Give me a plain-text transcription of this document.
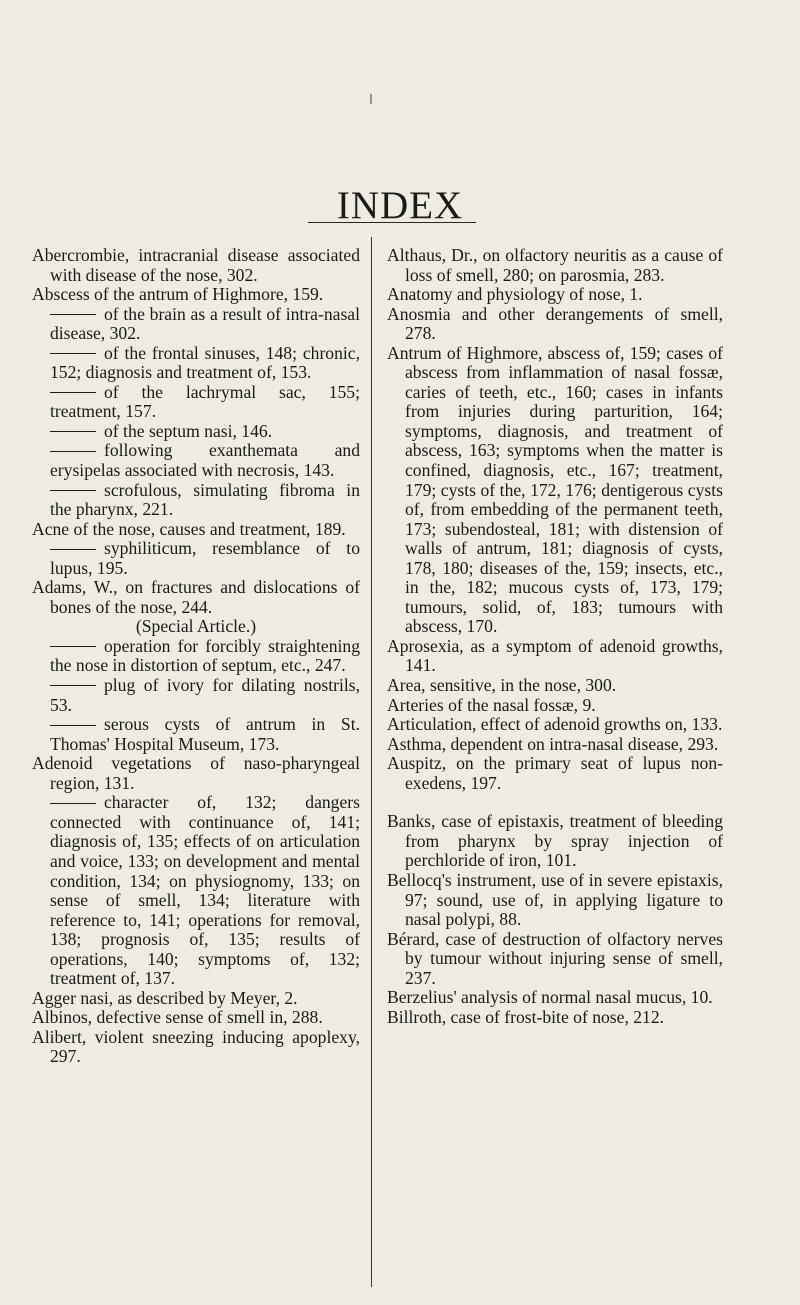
INDEX

Abercrombie, intracranial disease associated with disease of the nose, 302.

Abscess of the antrum of Highmore, 159.

of the brain as a result of intra-nasal disease, 302.

of the frontal sinuses, 148; chronic, 152; diagnosis and treatment of, 153.

of the lachrymal sac, 155; treatment, 157.

of the septum nasi, 146.

following exanthemata and erysipelas associated with necrosis, 143.

scrofulous, simulating fibroma in the pharynx, 221.

Acne of the nose, causes and treatment, 189.

syphiliticum, resemblance of to lupus, 195.

Adams, W., on fractures and dislocations of bones of the nose, 244.

(Special Article.)

operation for forcibly straightening the nose in distortion of septum, etc., 247.

plug of ivory for dilating nostrils, 53.

serous cysts of antrum in St. Thomas' Hospital Museum, 173.

Adenoid vegetations of naso-pharyngeal region, 131.

character of, 132; dangers connected with continuance of, 141; diagnosis of, 135; effects of on articulation and voice, 133; on development and mental condition, 134; on physiognomy, 133; on sense of smell, 134; literature with reference to, 141; operations for removal, 138; prognosis of, 135; results of operations, 140; symptoms of, 132; treatment of, 137.

Agger nasi, as described by Meyer, 2.

Albinos, defective sense of smell in, 288.

Alibert, violent sneezing inducing apoplexy, 297.

Althaus, Dr., on olfactory neuritis as a cause of loss of smell, 280; on parosmia, 283.

Anatomy and physiology of nose, 1.

Anosmia and other derangements of smell, 278.

Antrum of Highmore, abscess of, 159; cases of abscess from inflammation of nasal fossæ, caries of teeth, etc., 160; cases in infants from injuries during parturition, 164; symptoms, diagnosis, and treatment of abscess, 163; symptoms when the matter is confined, diagnosis, etc., 167; treatment, 179; cysts of the, 172, 176; dentigerous cysts of, from embedding of the permanent teeth, 173; subendosteal, 181; with distension of walls of antrum, 181; diagnosis of cysts, 178, 180; diseases of the, 159; insects, etc., in the, 182; mucous cysts of, 173, 179; tumours, solid, of, 183; tumours with abscess, 170.

Aprosexia, as a symptom of adenoid growths, 141.

Area, sensitive, in the nose, 300.

Arteries of the nasal fossæ, 9.

Articulation, effect of adenoid growths on, 133.

Asthma, dependent on intra-nasal disease, 293.

Auspitz, on the primary seat of lupus non-exedens, 197.

Banks, case of epistaxis, treatment of bleeding from pharynx by spray injection of perchloride of iron, 101.

Bellocq's instrument, use of in severe epistaxis, 97; sound, use of, in applying ligature to nasal polypi, 88.

Bérard, case of destruction of olfactory nerves by tumour without injuring sense of smell, 237.

Berzelius' analysis of normal nasal mucus, 10.

Billroth, case of frost-bite of nose, 212.
